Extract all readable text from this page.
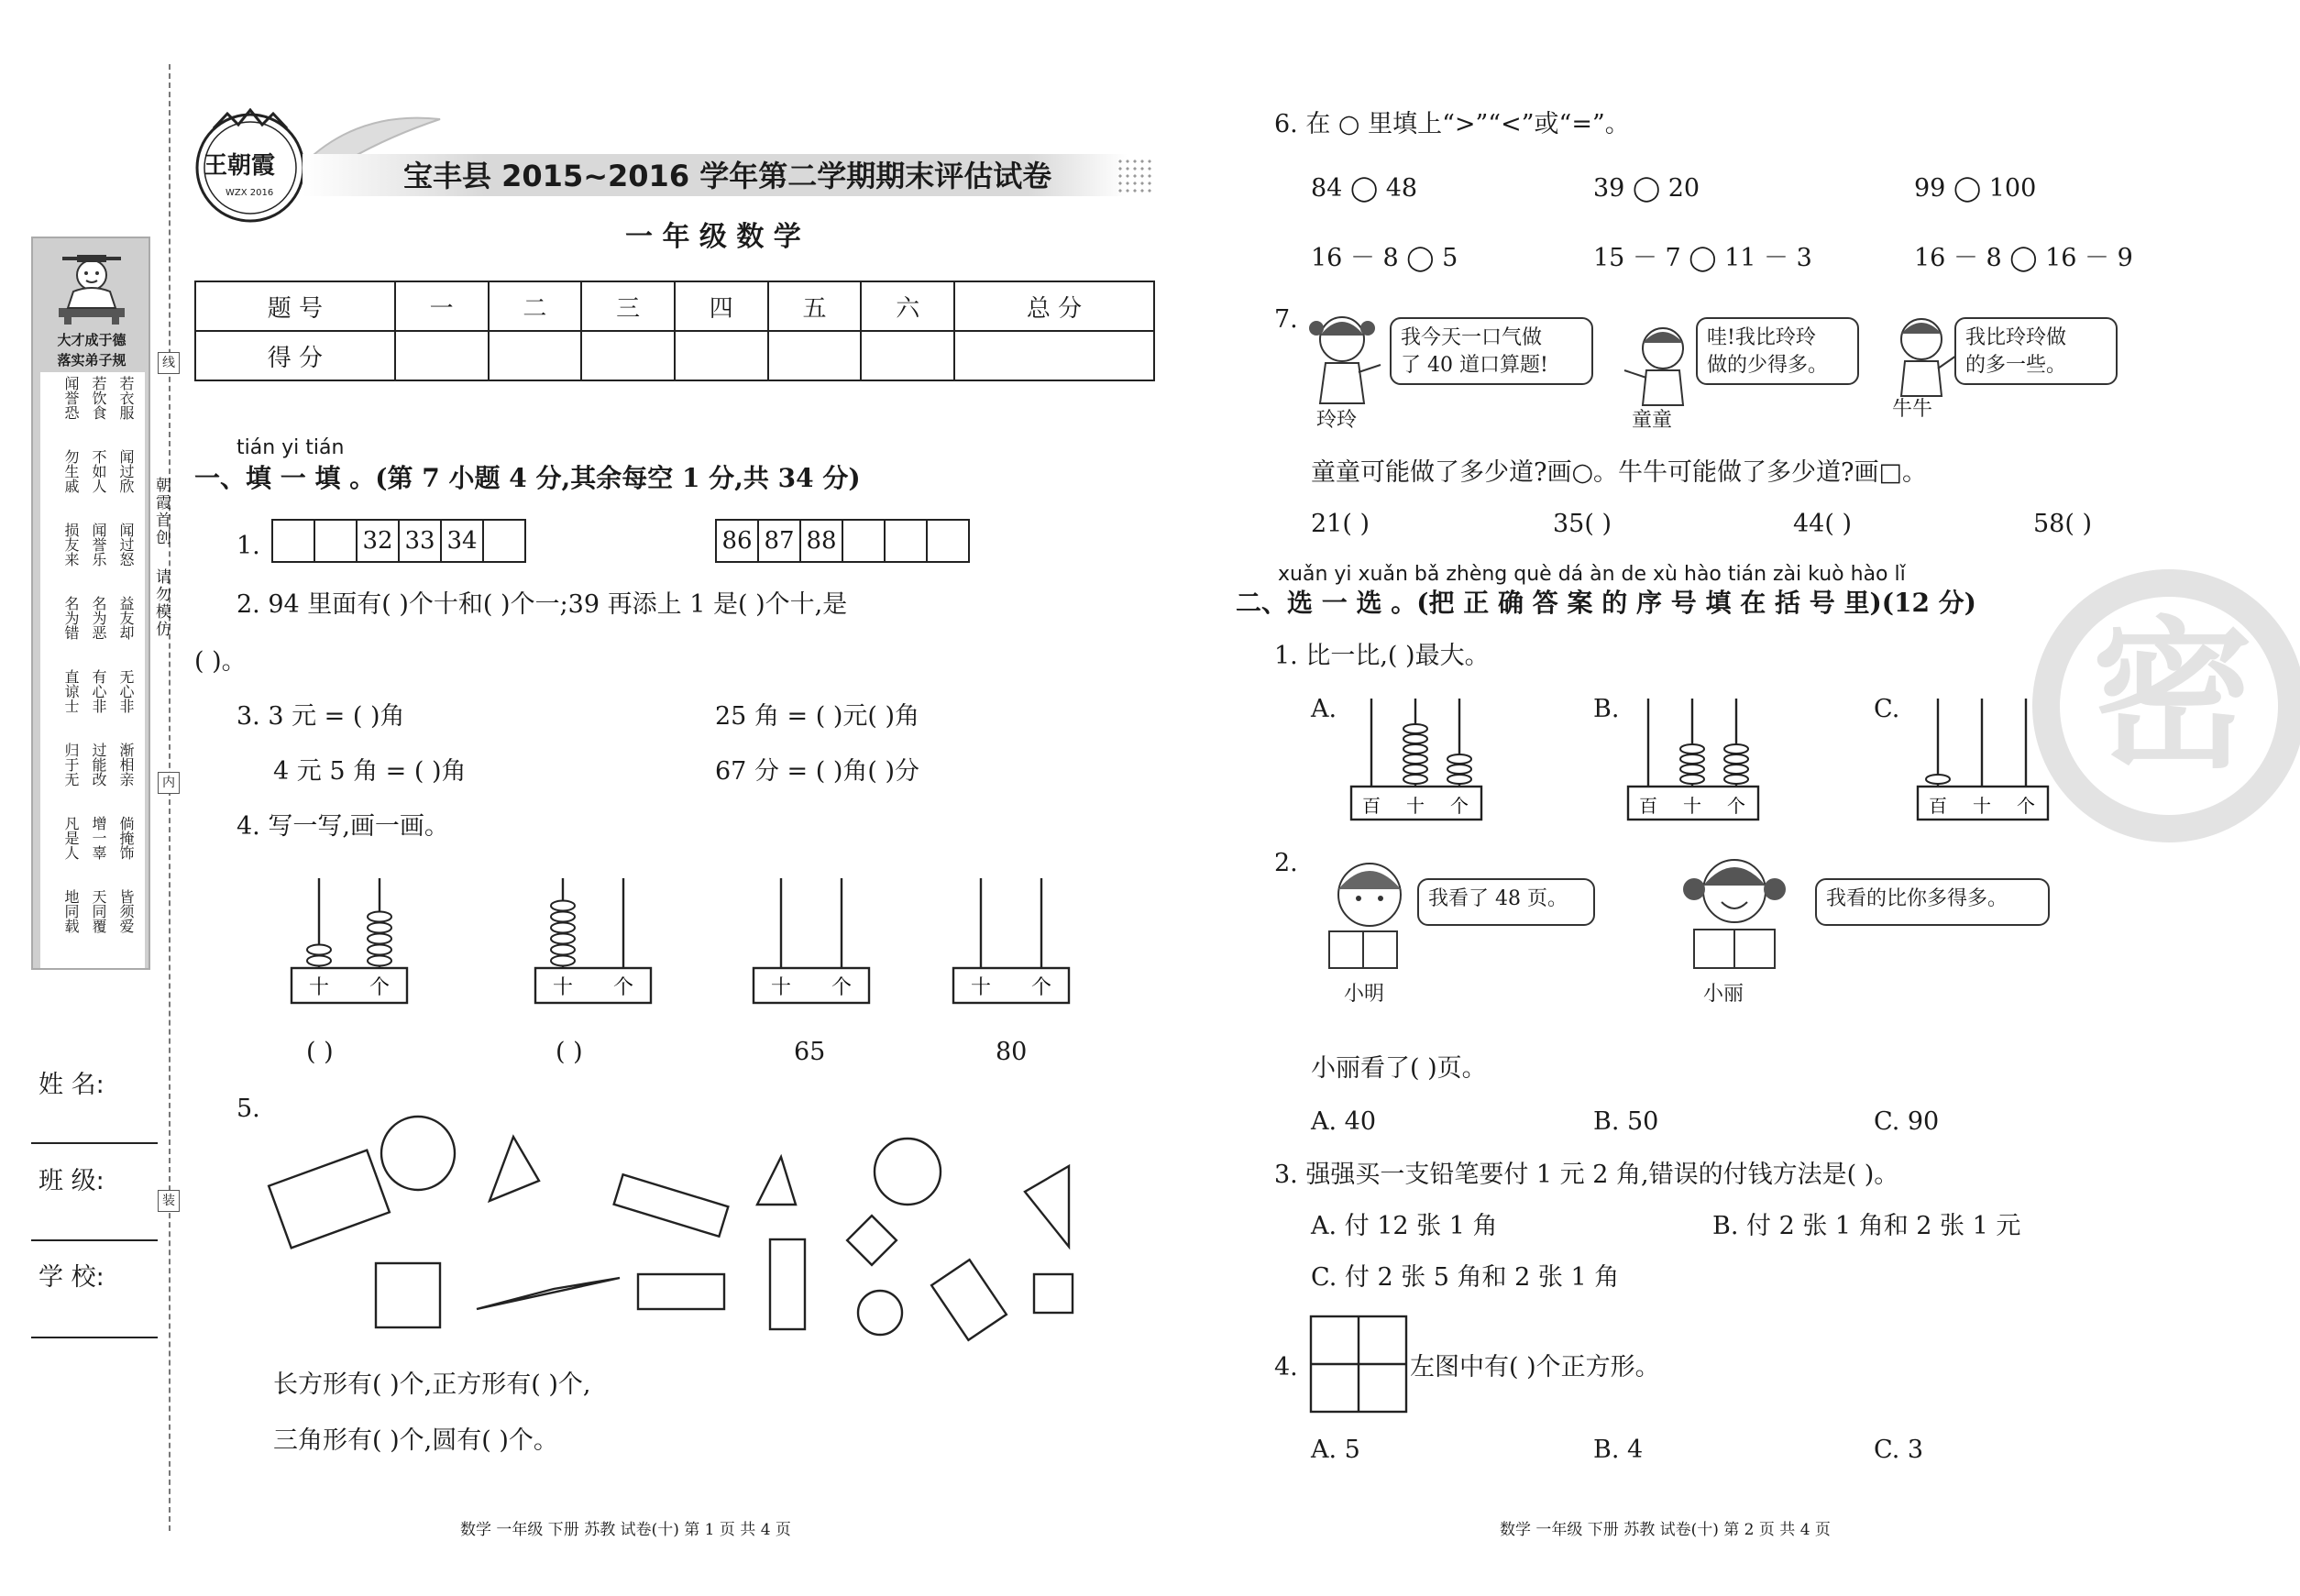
大才成于德
落实弟子规
若衣服
若饮食
闻誉恐
闻过欣
不如人
勿生戚
闻过怒
闻誉乐
损友来
益友却
名为恶
名为错
无心非
有心非
直谅士
渐相亲
过能改
归于无
倘掩饰
增一辜
凡是人
皆须爱
天同覆
地同载
朝霞首创
请勿模仿
线
内
装
姓 名:
班 级:
学 校:
王朝霞
WZX 2016	宝丰县 2015~2016 学年第二学期期末评估试卷
一 年 级 数 学
题 号	一	二	三	四	五	六	总 分
得 分							
tián yi tián
一、填 一 填 。(第 7 小题 4 分,其余每空 1 分,共 34 分)
1.	32 33 34	86 87 88
2. 94 里面有( )个十和( )个一;39 再添上 1 是( )个十,是
( )。
3. 3 元 = ( )角	25 角 = ( )元( )角
4 元 5 角 = ( )角	67 分 = ( )角( )分
4. 写一写,画一画。
十 个	十 个	十 个	十 个
( )	( )	65	80
5.
长方形有( )个,正方形有( )个,
三角形有( )个,圆有( )个。
6. 在 ○ 里填上“>”“<”或“=”。
84 ◯ 48	39 ◯ 20	99 ◯ 100
16 － 8 ◯ 5	15 － 7 ◯ 11 － 3	16 － 8 ◯ 16 － 9
7.
我今天一口气做
了 40 道口算题!
哇!我比玲玲
做的少得多。
我比玲玲做
的多一些。
玲玲	童童	牛牛
童童可能做了多少道?画○。牛牛可能做了多少道?画□。
21( )	35( )	44( )	58( )
xuǎn yi xuǎn bǎ zhèng què dá àn de xù hào tián zài kuò hào lǐ
二、选 一 选 。(把 正 确 答 案 的 序 号 填 在 括 号 里)(12 分)
1. 比一比,( )最大。
A.	B.	C.
百 十 个	百 十 个	百 十 个
2.
我看了 48 页。	我看的比你多得多。
小明	小丽
小丽看了( )页。
A. 40	B. 50	C. 90
3. 强强买一支铅笔要付 1 元 2 角,错误的付钱方法是( )。
A. 付 12 张 1 角	B. 付 2 张 1 角和 2 张 1 元
C. 付 2 张 5 角和 2 张 1 角
4.	左图中有( )个正方形。
A. 5	B. 4	C. 3
密
数学 一年级 下册 苏教 试卷(十) 第 1 页 共 4 页	数学 一年级 下册 苏教 试卷(十) 第 2 页 共 4 页
